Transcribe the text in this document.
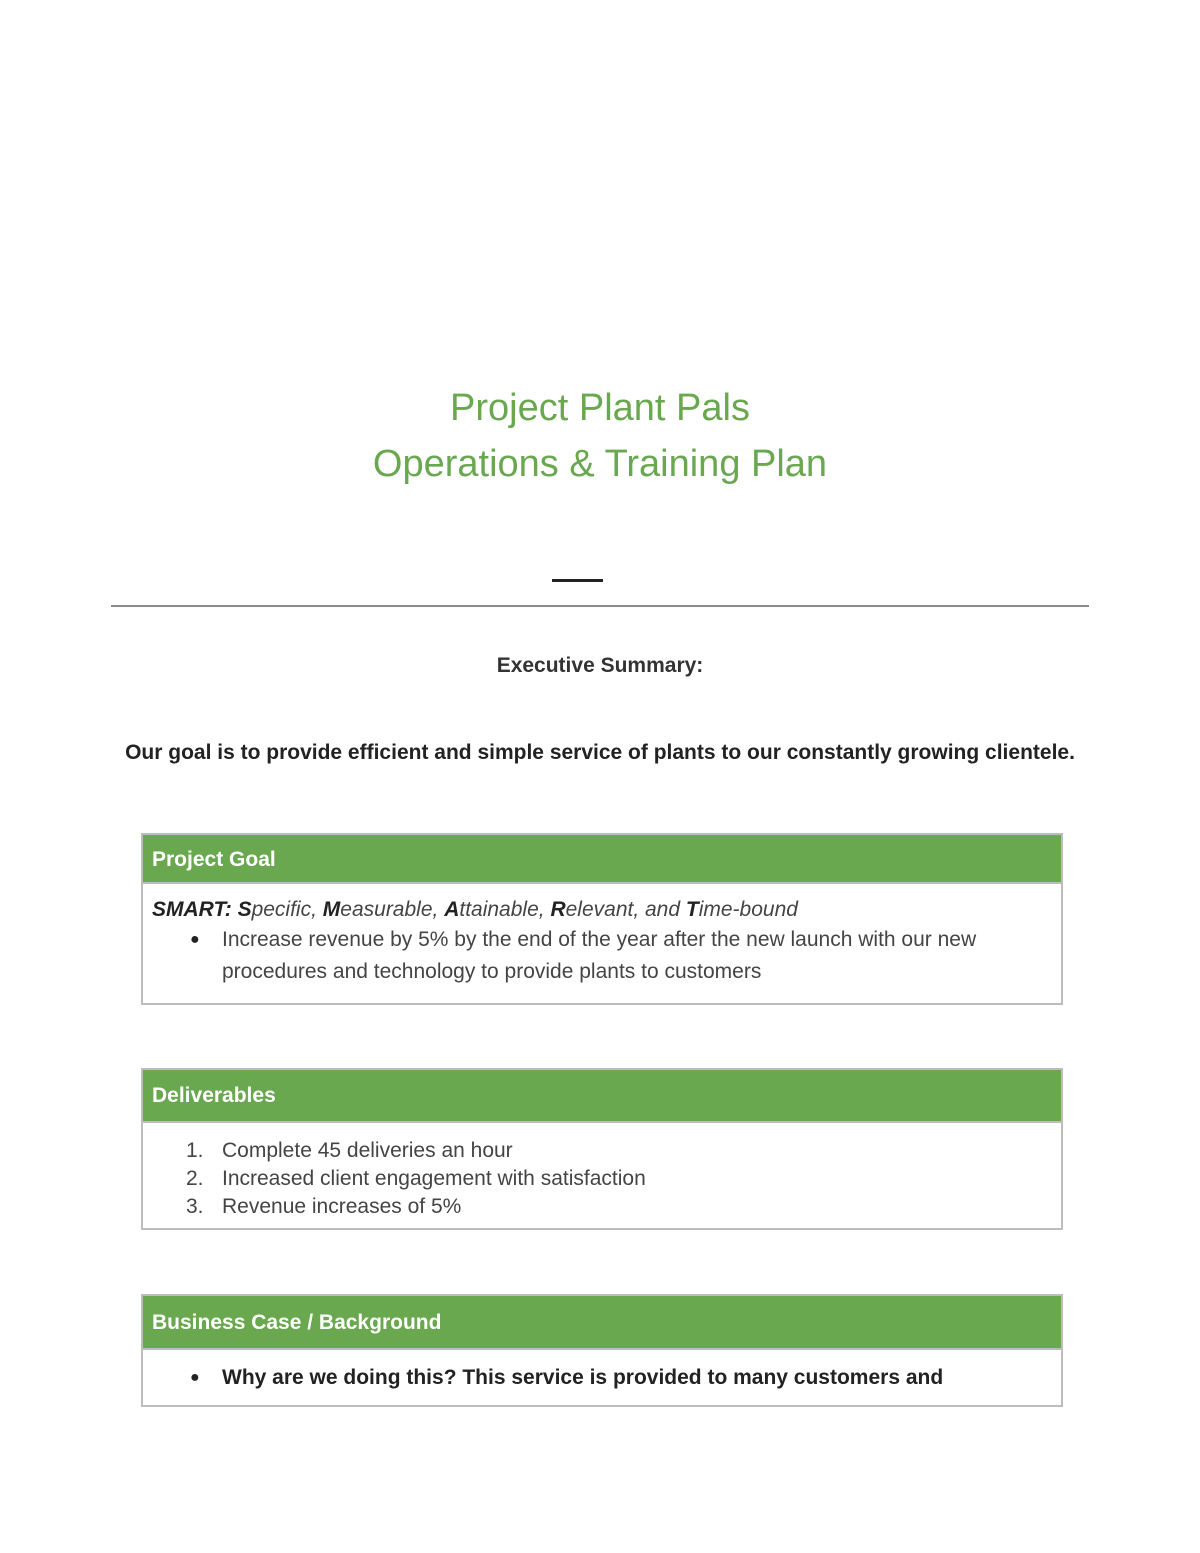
Project Plant Pals
Operations & Training Plan
Executive Summary:
Our goal is to provide efficient and simple service of plants to our constantly growing clientele.
Project Goal
SMART: Specific, Measurable, Attainable, Relevant, and Time-bound
● Increase revenue by 5% by the end of the year after the new launch with our new procedures and technology to provide plants to customers
Deliverables
1. Complete 45 deliveries an hour
2. Increased client engagement with satisfaction
3. Revenue increases of 5%
Business Case / Background
● Why are we doing this? This service is provided to many customers and
